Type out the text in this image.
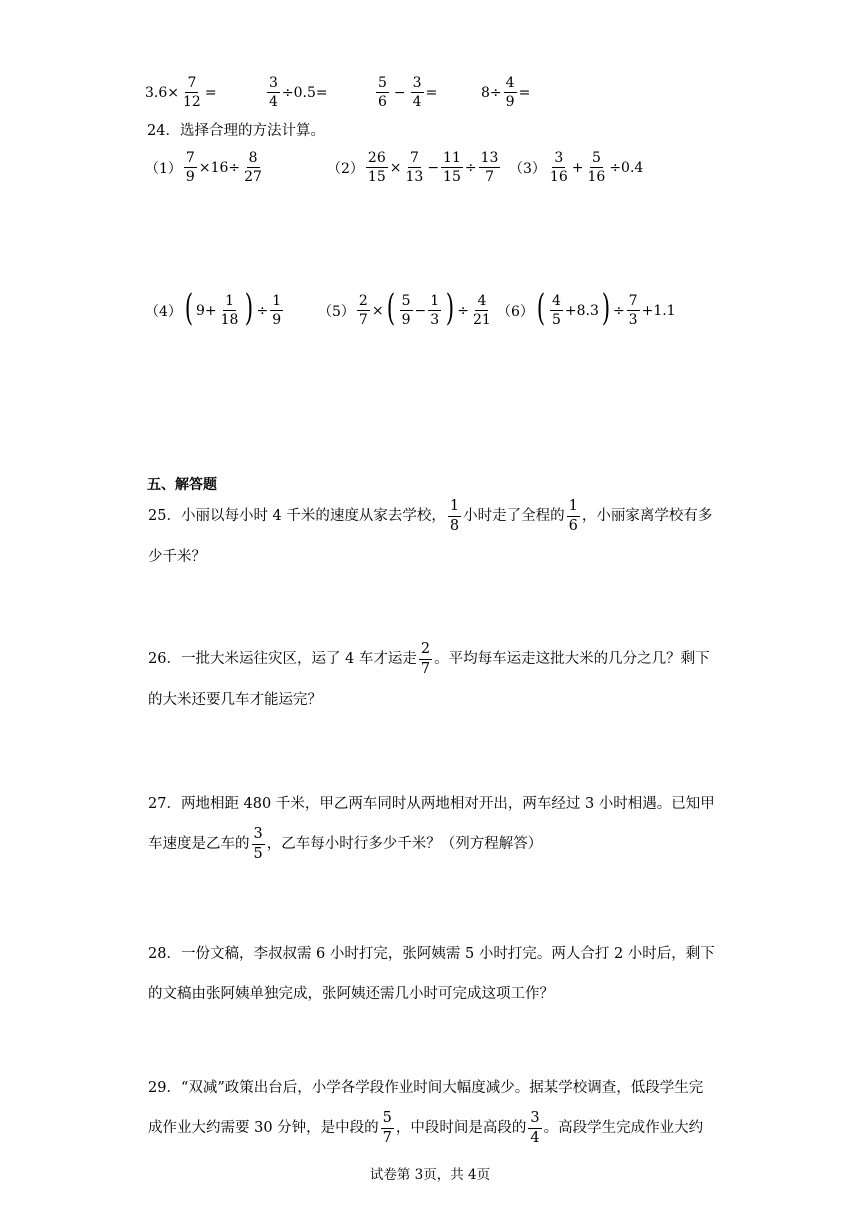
$3.6\times \frac{7}{12}$ =	$\frac{3}{4} \div 0.5=$	$\frac{5}{6} - \frac{3}{4}$ =	$8\div \frac{4}{9}$ =
24．选择合理的方法计算。
$(1) \frac{7}{9} \times 16\div \frac{8}{27}$	$(2) \frac{26}{15} \times \frac{7}{13} - \frac{11}{15} \div \frac{13}{7} (3) \frac{3}{16} + \frac{5}{16} \div 0.4$
（4） ( $9+ \frac{1}{18}$ ) ÷ $\frac{1}{9} (5) \frac{2}{7}$ × ( $\frac{5}{9} - \frac{1}{3}$ ) ÷ $\frac{4}{21} (6)$ ( $\frac{4}{5} +8.3$ ) ÷ $\frac{7}{3} +1.1$
五、解答题
25．小丽以每小时 4 千米的速度从家去学校， $\frac{1}{8}$ 小时走了全程的 $\frac{1}{6}$ ，小丽家离学校有多
少千米？
26．一批大米运往灾区，运了 4 车才运走 $\frac{2}{7}$ 。平均每车运走这批大米的几分之几？剩下
的大米还要几车才能运完？
27．两地相距 480 千米，甲乙两车同时从两地相对开出，两车经过 3 小时相遇。已知甲
车速度是乙车的 $\frac{3}{5}$ ，乙车每小时行多少千米？（列方程解答）
28．一份文稿，李叔叔需 6 小时打完，张阿姨需 5 小时打完。两人合打 2 小时后，剩下
的文稿由张阿姨单独完成，张阿姨还需几小时可完成这项工作？
29．“双减”政策出台后，小学各学段作业时间大幅度减少。据某学校调查，低段学生完
成作业大约需要 30 分钟，是中段的 $\frac{5}{7}$ ，中段时间是高段的 $\frac{3}{4}$ 。高段学生完成作业大约
试卷第 3页，共 4页
